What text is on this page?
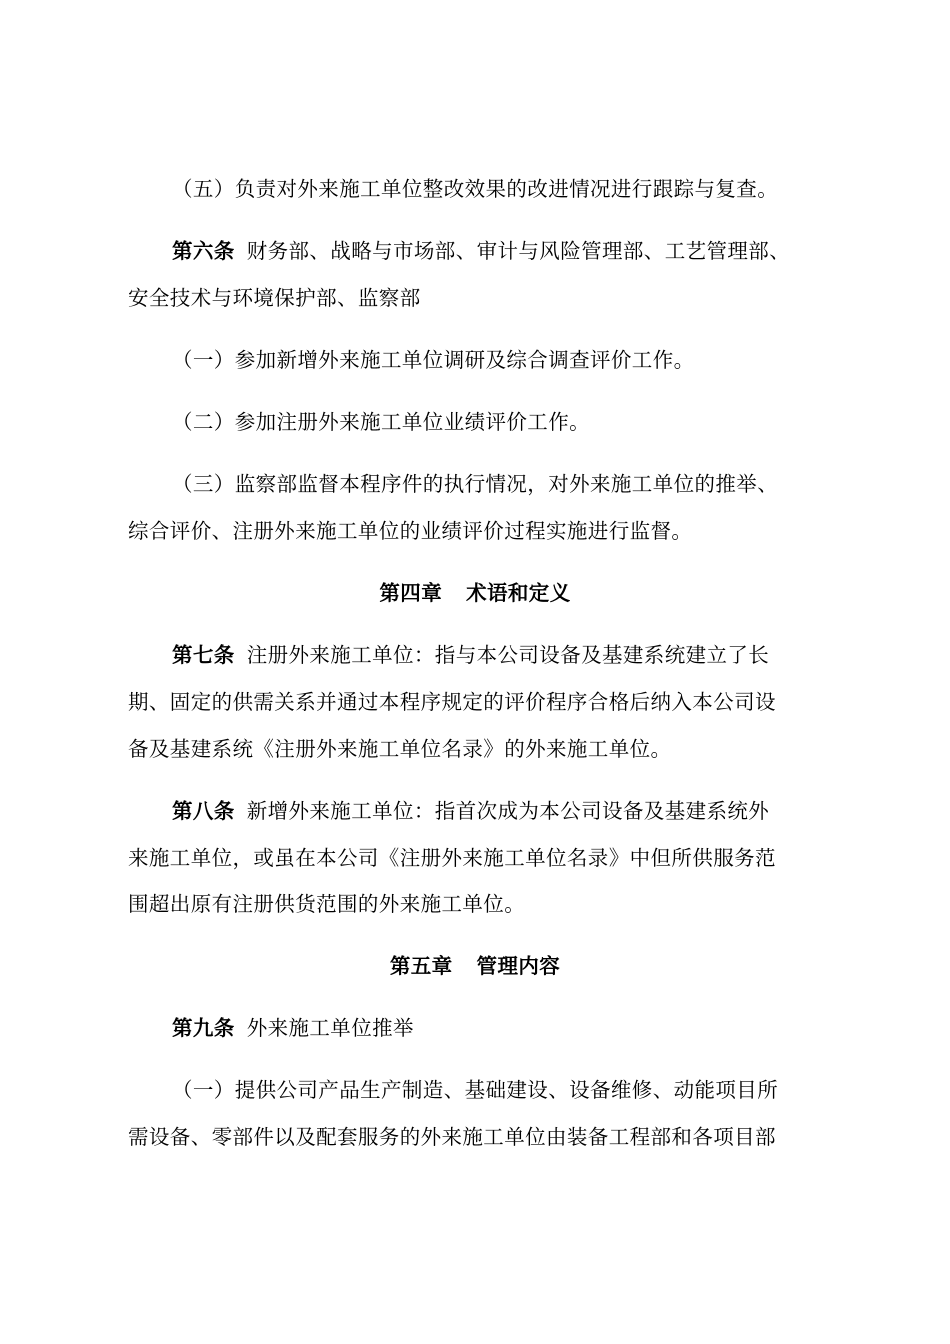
（五）负责对外来施工单位整改效果的改进情况进行跟踪与复查。
第六条 财务部、战略与市场部、审计与风险管理部、工艺管理部、
安全技术与环境保护部、监察部
（一）参加新增外来施工单位调研及综合调查评价工作。
（二）参加注册外来施工单位业绩评价工作。
（三）监察部监督本程序件的执行情况，对外来施工单位的推举、
综合评价、注册外来施工单位的业绩评价过程实施进行监督。
第四章 术语和定义
第七条 注册外来施工单位：指与本公司设备及基建系统建立了长
期、固定的供需关系并通过本程序规定的评价程序合格后纳入本公司设
备及基建系统《注册外来施工单位名录》的外来施工单位。
第八条 新增外来施工单位：指首次成为本公司设备及基建系统外
来施工单位，或虽在本公司《注册外来施工单位名录》中但所供服务范
围超出原有注册供货范围的外来施工单位。
第五章 管理内容
第九条 外来施工单位推举
（一）提供公司产品生产制造、基础建设、设备维修、动能项目所
需设备、零部件以及配套服务的外来施工单位由装备工程部和各项目部
